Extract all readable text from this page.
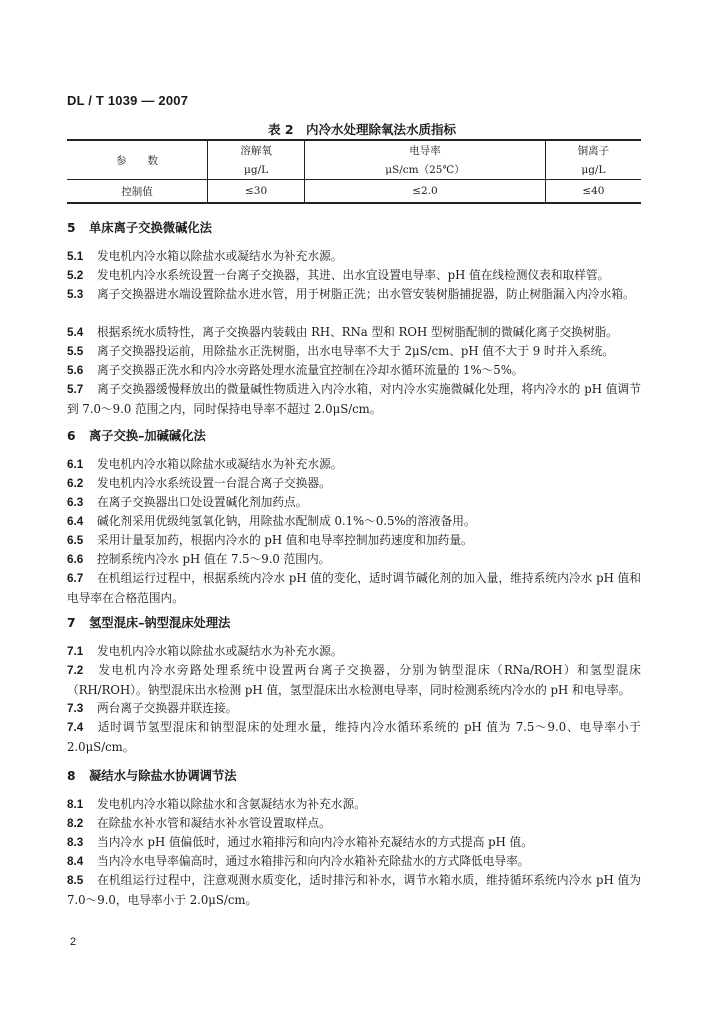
DL / T 1039 — 2007
表 2　内冷水处理除氧法水质指标
参　　数	溶解氧	电导率	铜离子
	μg/L	μS/cm（25℃）	μg/L
控制值	≤30	≤2.0	≤40
5 单床离子交换微碱化法
5.1 发电机内冷水箱以除盐水或凝结水为补充水源。
5.2 发电机内冷水系统设置一台离子交换器，其进、出水宜设置电导率、pH 值在线检测仪表和取样管。
5.3 离子交换器进水端设置除盐水进水管，用于树脂正洗；出水管安装树脂捕捉器，防止树脂漏入内冷水箱。
5.4 根据系统水质特性，离子交换器内装载由 RH、RNa 型和 ROH 型树脂配制的微碱化离子交换树脂。
5.5 离子交换器投运前，用除盐水正洗树脂，出水电导率不大于 2μS/cm、pH 值不大于 9 时并入系统。
5.6 离子交换器正洗水和内冷水旁路处理水流量宜控制在冷却水循环流量的 1%～5%。
5.7 离子交换器缓慢释放出的微量碱性物质进入内冷水箱，对内冷水实施微碱化处理，将内冷水的 pH 值调节到 7.0～9.0 范围之内，同时保持电导率不超过 2.0μS/cm。
6 离子交换–加碱碱化法
6.1 发电机内冷水箱以除盐水或凝结水为补充水源。
6.2 发电机内冷水系统设置一台混合离子交换器。
6.3 在离子交换器出口处设置碱化剂加药点。
6.4 碱化剂采用优级纯氢氧化钠，用除盐水配制成 0.1%～0.5%的溶液备用。
6.5 采用计量泵加药，根据内冷水的 pH 值和电导率控制加药速度和加药量。
6.6 控制系统内冷水 pH 值在 7.5～9.0 范围内。
6.7 在机组运行过程中，根据系统内冷水 pH 值的变化，适时调节碱化剂的加入量，维持系统内冷水 pH 值和电导率在合格范围内。
7 氢型混床–钠型混床处理法
7.1 发电机内冷水箱以除盐水或凝结水为补充水源。
7.2 发电机内冷水旁路处理系统中设置两台离子交换器，分别为钠型混床（RNa/ROH）和氢型混床（RH/ROH）。钠型混床出水检测 pH 值，氢型混床出水检测电导率，同时检测系统内冷水的 pH 和电导率。
7.3 两台离子交换器并联连接。
7.4 适时调节氢型混床和钠型混床的处理水量，维持内冷水循环系统的 pH 值为 7.5～9.0、电导率小于 2.0μS/cm。
8 凝结水与除盐水协调调节法
8.1 发电机内冷水箱以除盐水和含氨凝结水为补充水源。
8.2 在除盐水补水管和凝结水补水管设置取样点。
8.3 当内冷水 pH 值偏低时，通过水箱排污和向内冷水箱补充凝结水的方式提高 pH 值。
8.4 当内冷水电导率偏高时，通过水箱排污和向内冷水箱补充除盐水的方式降低电导率。
8.5 在机组运行过程中，注意观测水质变化，适时排污和补水，调节水箱水质，维持循环系统内冷水 pH 值为 7.0～9.0，电导率小于 2.0μS/cm。
2
